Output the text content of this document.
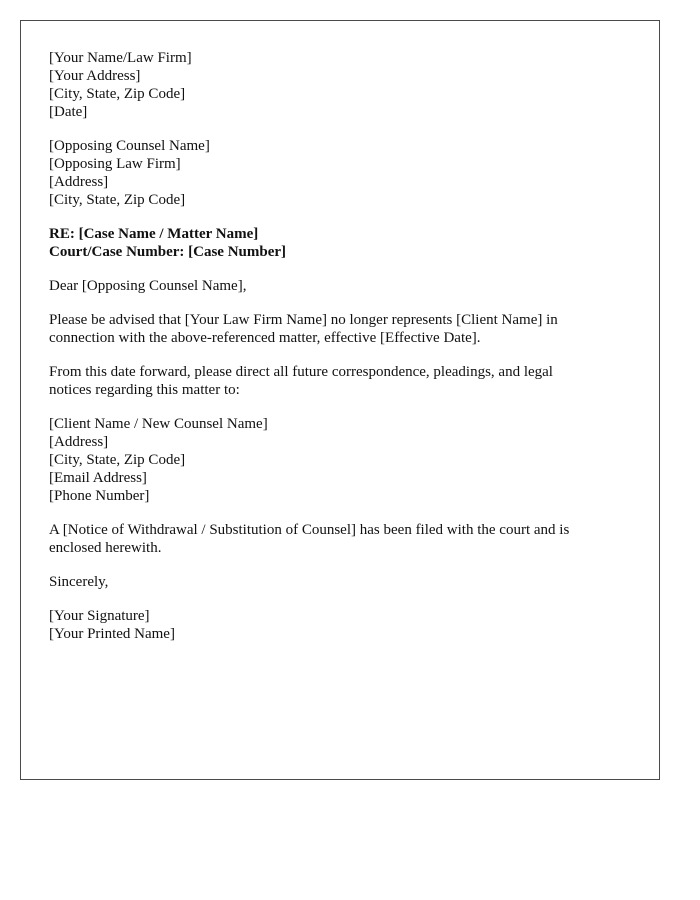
[Your Name/Law Firm]
[Your Address]
[City, State, Zip Code]
[Date]
[Opposing Counsel Name]
[Opposing Law Firm]
[Address]
[City, State, Zip Code]
RE: [Case Name / Matter Name]
Court/Case Number: [Case Number]

Dear [Opposing Counsel Name],

Please be advised that [Your Law Firm Name] no longer represents [Client Name] in
connection with the above-referenced matter, effective [Effective Date].

From this date forward, please direct all future correspondence, pleadings, and legal
notices regarding this matter to:

[Client Name / New Counsel Name]
[Address]
[City, State, Zip Code]
[Email Address]
[Phone Number]

A [Notice of Withdrawal / Substitution of Counsel] has been filed with the court and is
enclosed herewith.

Sincerely,

[Your Signature]
[Your Printed Name]
